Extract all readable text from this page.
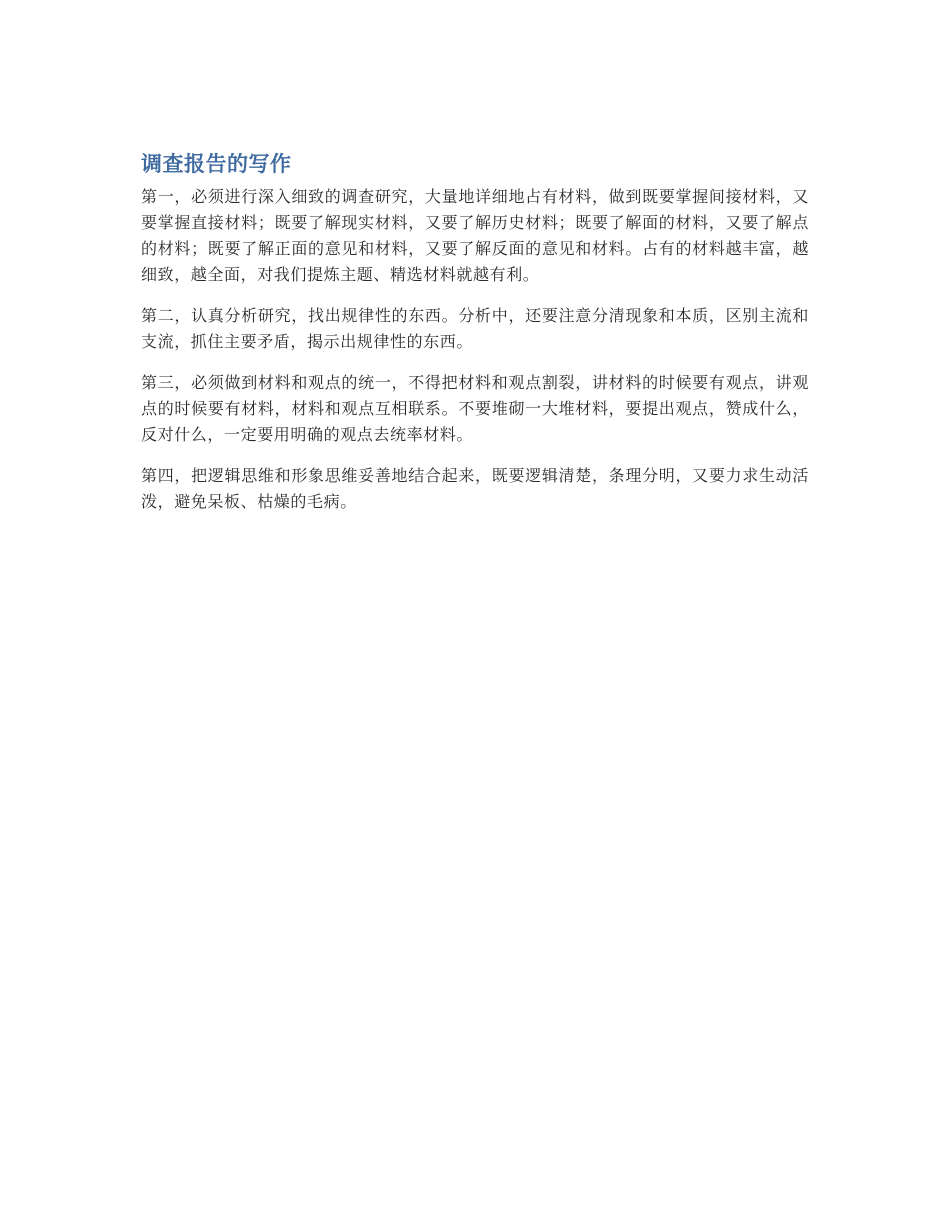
调查报告的写作

第一，必须进行深入细致的调查研究，大量地详细地占有材料，做到既要掌握间接材料，又要掌握直接材料；既要了解现实材料，又要了解历史材料；既要了解面的材料，又要了解点的材料；既要了解正面的意见和材料，又要了解反面的意见和材料。占有的材料越丰富，越细致，越全面，对我们提炼主题、精选材料就越有利。

第二，认真分析研究，找出规律性的东西。分析中，还要注意分清现象和本质，区别主流和支流，抓住主要矛盾，揭示出规律性的东西。

第三，必须做到材料和观点的统一，不得把材料和观点割裂，讲材料的时候要有观点，讲观点的时候要有材料，材料和观点互相联系。不要堆砌一大堆材料，要提出观点，赞成什么，反对什么，一定要用明确的观点去统率材料。

第四，把逻辑思维和形象思维妥善地结合起来，既要逻辑清楚，条理分明，又要力求生动活泼，避免呆板、枯燥的毛病。
